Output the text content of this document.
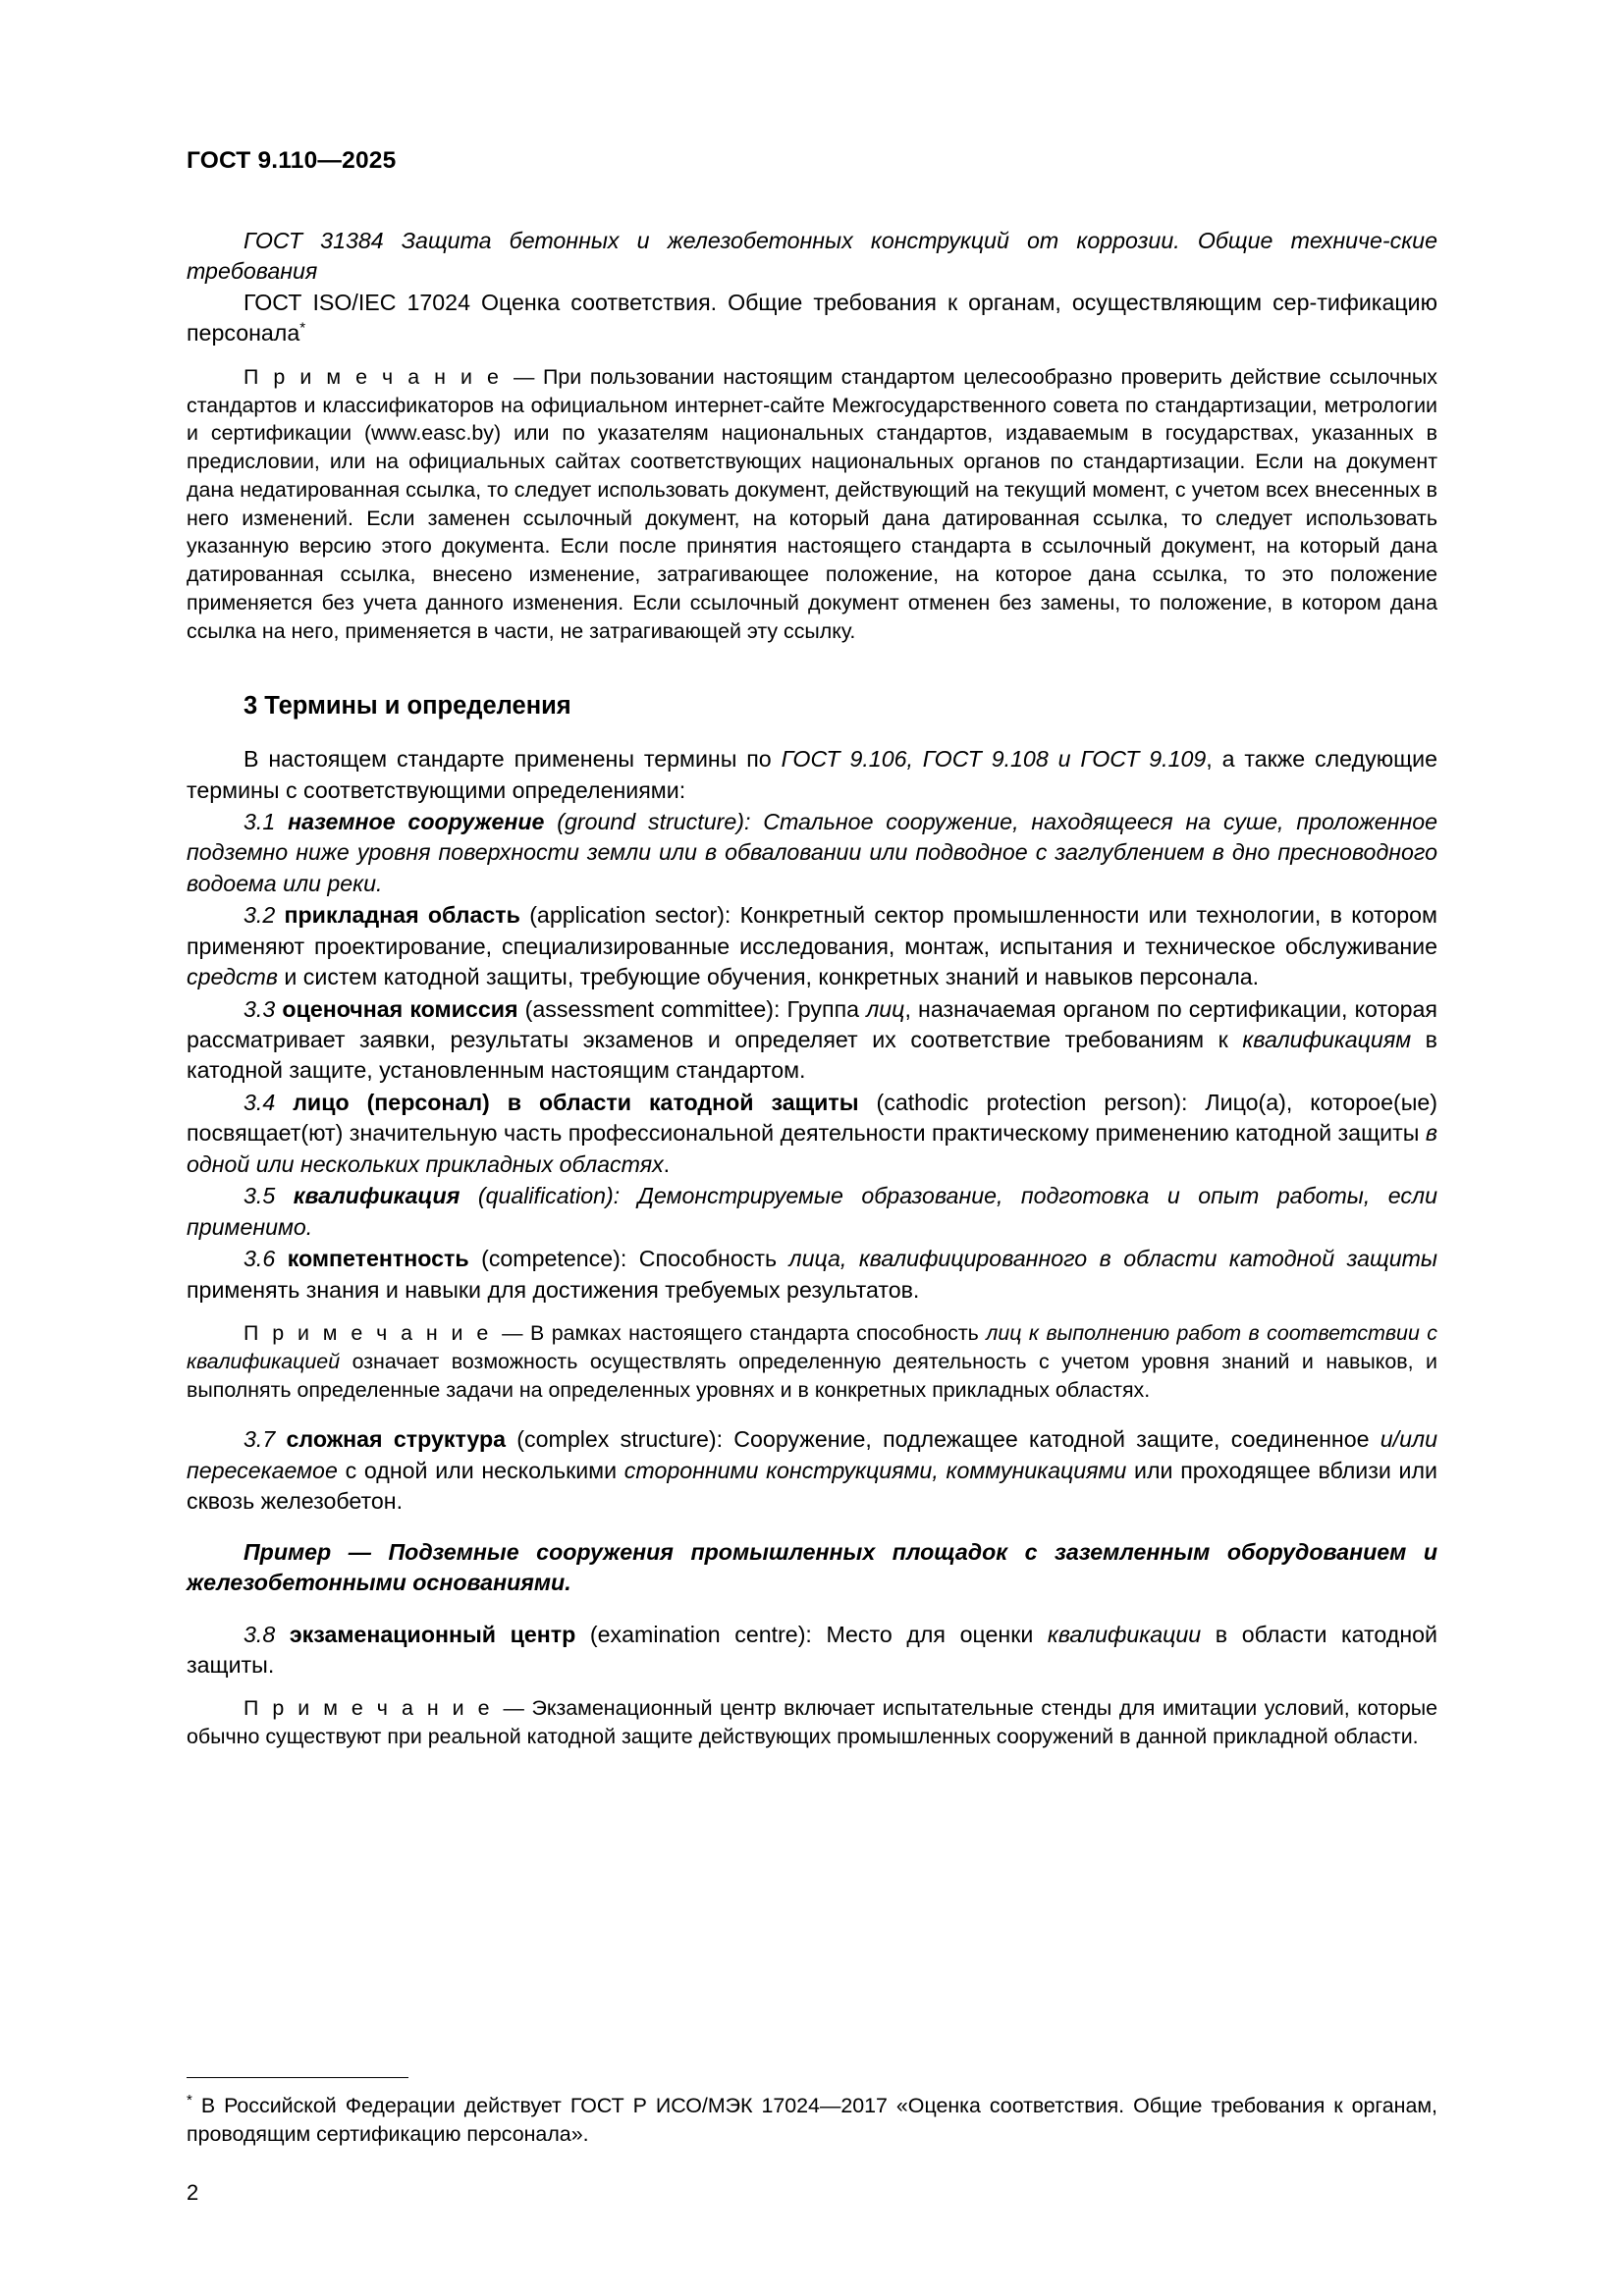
ГОСТ 9.110—2025

ГОСТ 31384 Защита бетонных и железобетонных конструкций от коррозии. Общие техниче-ские требования

ГОСТ ISO/IEC 17024 Оценка соответствия. Общие требования к органам, осуществляющим сер-тификацию персонала*

П р и м е ч а н и е — При пользовании настоящим стандартом целесообразно проверить действие ссылочных стандартов и классификаторов на официальном интернет-сайте Межгосударственного совета по стандартизации, метрологии и сертификации (www.easc.by) или по указателям национальных стандартов, издаваемым в государствах, указанных в предисловии, или на официальных сайтах соответствующих национальных органов по стандартизации. Если на документ дана недатированная ссылка, то следует использовать документ, действующий на текущий момент, с учетом всех внесенных в него изменений. Если заменен ссылочный документ, на который дана датированная ссылка, то следует использовать указанную версию этого документа. Если после принятия настоящего стандарта в ссылочный документ, на который дана датированная ссылка, внесено изменение, затрагивающее положение, на которое дана ссылка, то это положение применяется без учета данного изменения. Если ссылочный документ отменен без замены, то положение, в котором дана ссылка на него, применяется в части, не затрагивающей эту ссылку.
3 Термины и определения

В настоящем стандарте применены термины по ГОСТ 9.106, ГОСТ 9.108 и ГОСТ 9.109, а также следующие термины с соответствующими определениями:

3.1 наземное сооружение (ground structure): Стальное сооружение, находящееся на суше, проложенное подземно ниже уровня поверхности земли или в обваловании или подводное с заглублением в дно пресноводного водоема или реки.

3.2 прикладная область (application sector): Конкретный сектор промышленности или технологии, в котором применяют проектирование, специализированные исследования, монтаж, испытания и техническое обслуживание средств и систем катодной защиты, требующие обучения, конкретных знаний и навыков персонала.

3.3 оценочная комиссия (assessment committee): Группа лиц, назначаемая органом по сертификации, которая рассматривает заявки, результаты экзаменов и определяет их соответствие требованиям к квалификациям в катодной защите, установленным настоящим стандартом.

3.4 лицо (персонал) в области катодной защиты (cathodic protection person): Лицо(а), которое(ые) посвящает(ют) значительную часть профессиональной деятельности практическому применению катодной защиты в одной или нескольких прикладных областях.

3.5 квалификация (qualification): Демонстрируемые образование, подготовка и опыт работы, если применимо.

3.6 компетентность (competence): Способность лица, квалифицированного в области катодной защиты применять знания и навыки для достижения требуемых результатов.

П р и м е ч а н и е — В рамках настоящего стандарта способность лиц к выполнению работ в соответствии с квалификацией означает возможность осуществлять определенную деятельность с учетом уровня знаний и навыков, и выполнять определенные задачи на определенных уровнях и в конкретных прикладных областях.

3.7 сложная структура (complex structure): Сооружение, подлежащее катодной защите, соединенное и/или пересекаемое с одной или несколькими сторонними конструкциями, коммуникациями или проходящее вблизи или сквозь железобетон.

Пример — Подземные сооружения промышленных площадок с заземленным оборудованием и железобетонными основаниями.

3.8 экзаменационный центр (examination centre): Место для оценки квалификации в области катодной защиты.

П р и м е ч а н и е — Экзаменационный центр включает испытательные стенды для имитации условий, которые обычно существуют при реальной катодной защите действующих промышленных сооружений в данной прикладной области.
* В Российской Федерации действует ГОСТ Р ИСО/МЭК 17024—2017 «Оценка соответствия. Общие требования к органам, проводящим сертификацию персонала».
2
